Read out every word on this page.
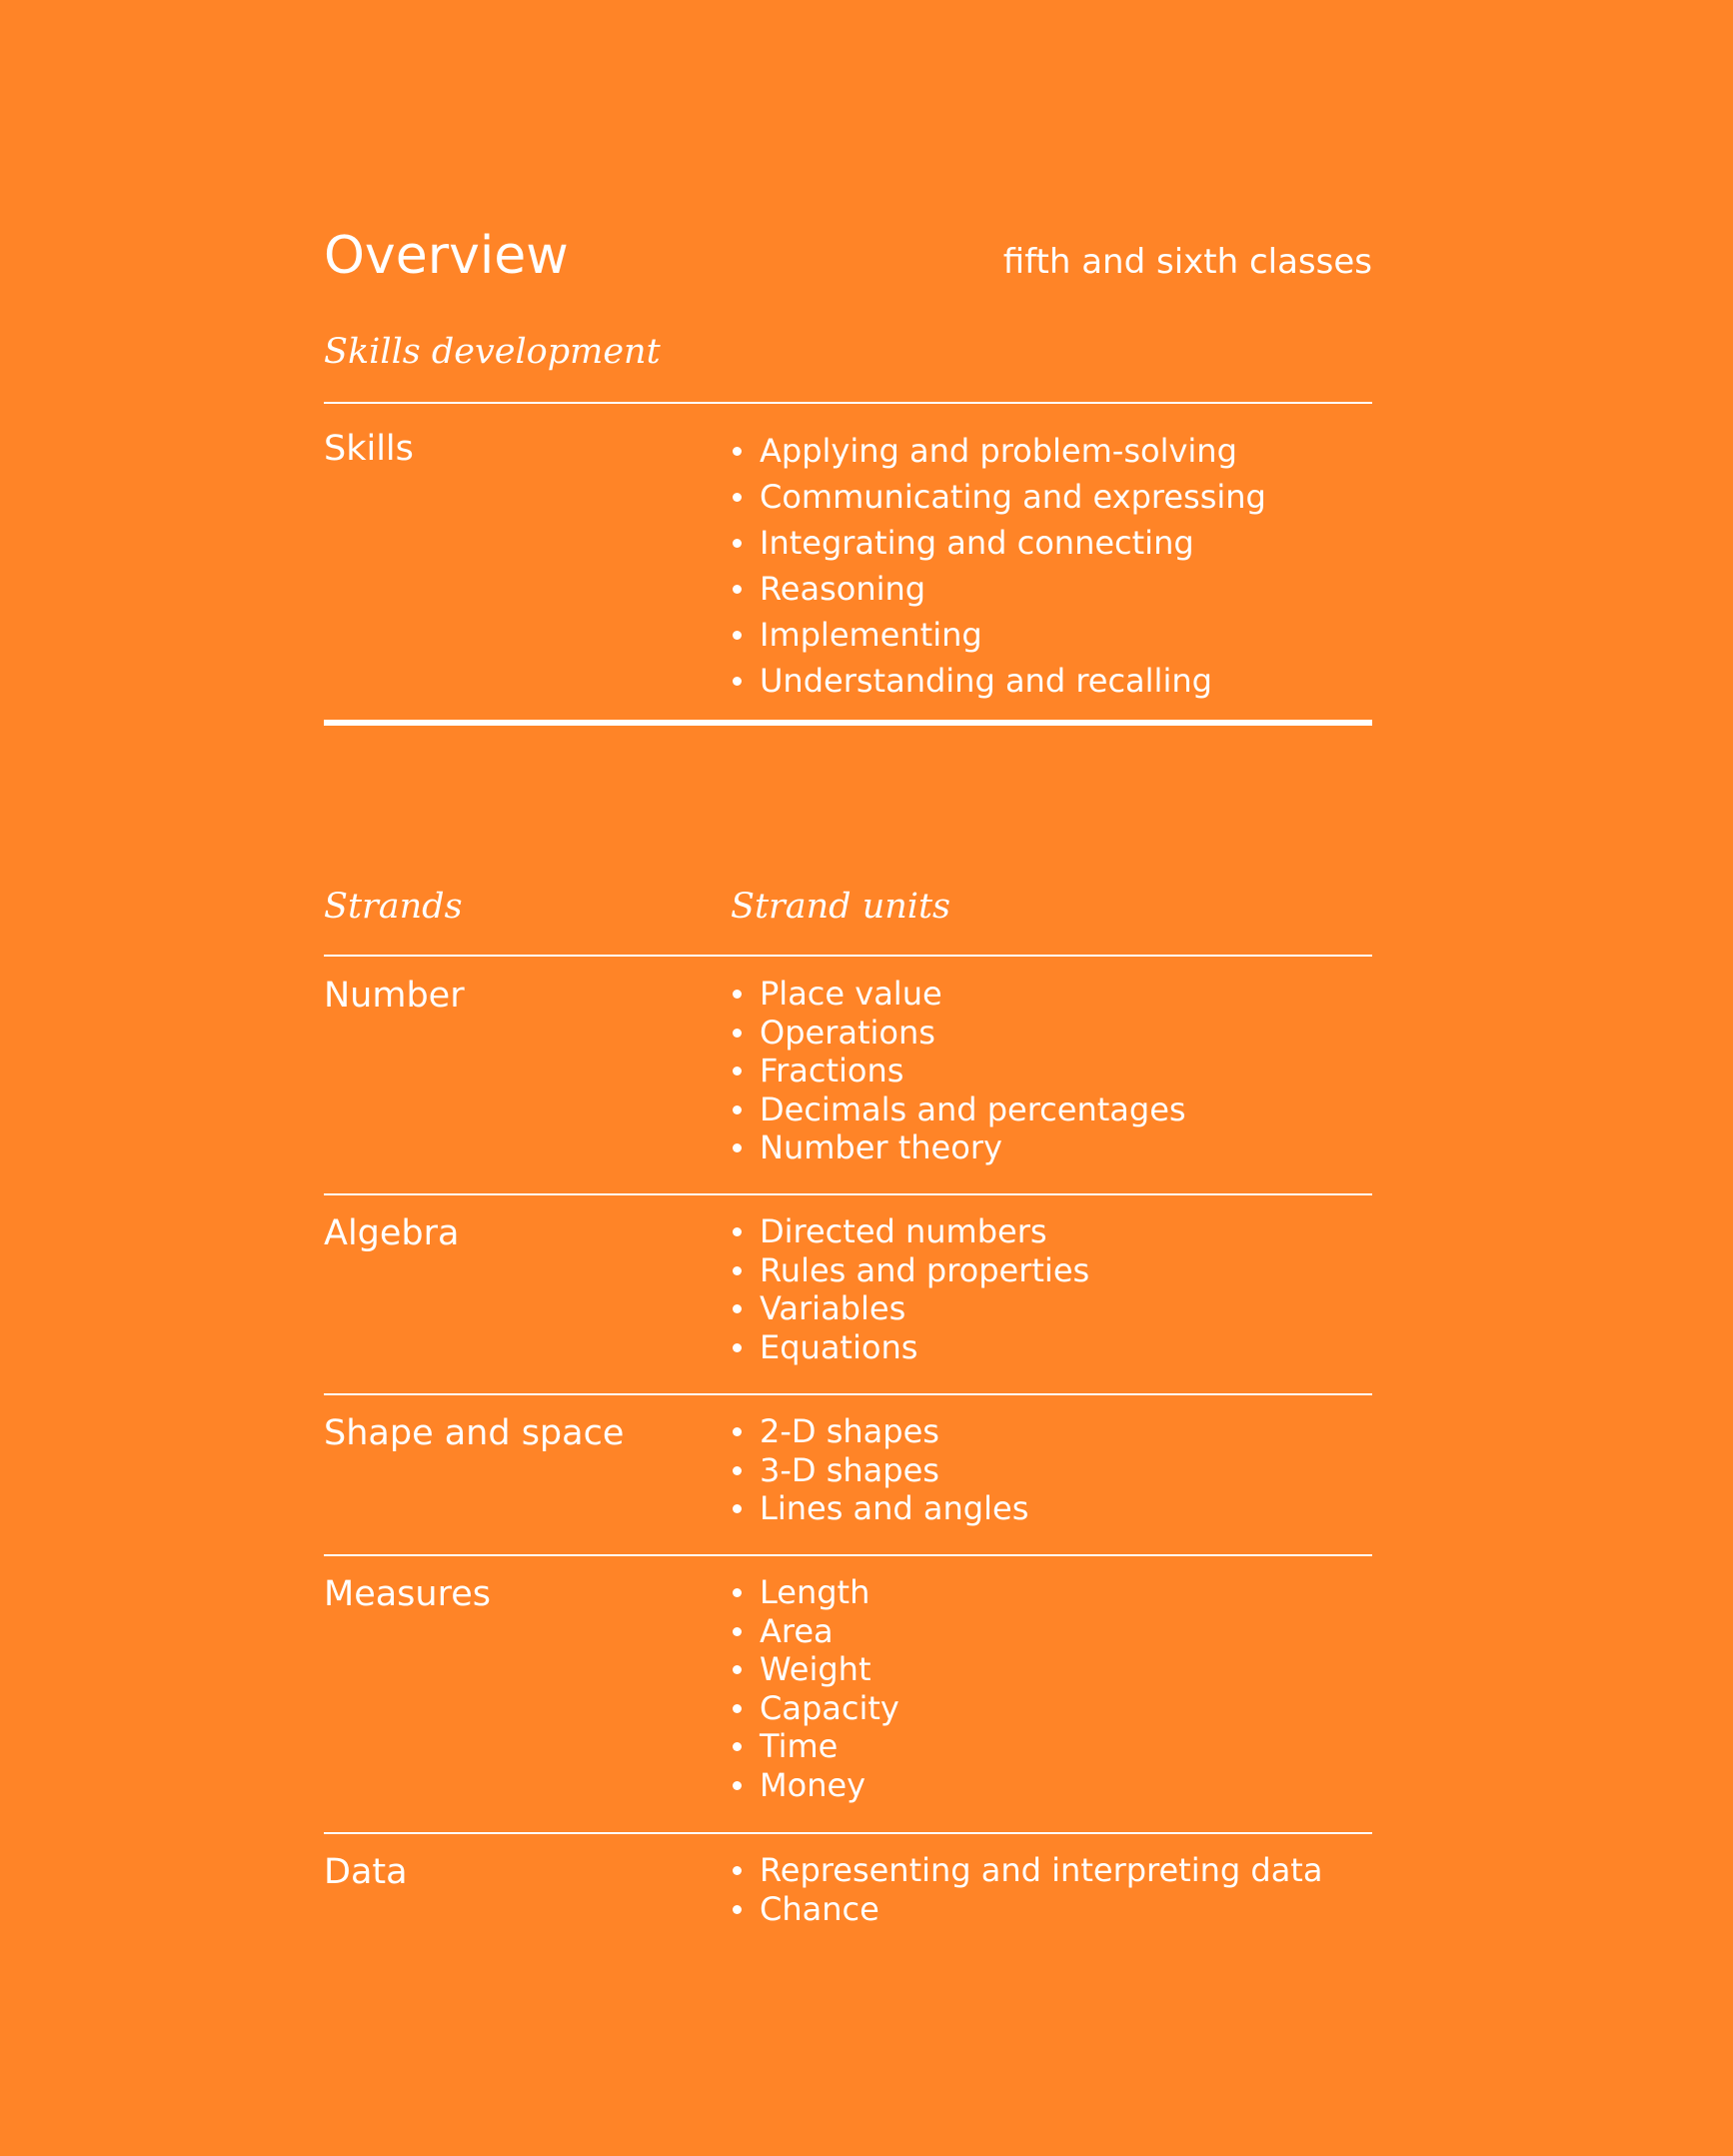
Overview	fifth and sixth classes
Skills development
Skills	Applying and problem-solving
Communicating and expressing
Integrating and connecting
Reasoning
Implementing
Understanding and recalling
Strands	Strand units
Number	Place value
Operations
Fractions
Decimals and percentages
Number theory
Algebra	Directed numbers
Rules and properties
Variables
Equations
Shape and space	2-D shapes
3-D shapes
Lines and angles
Measures	Length
Area
Weight
Capacity
Time
Money
Data	Representing and interpreting data
Chance
